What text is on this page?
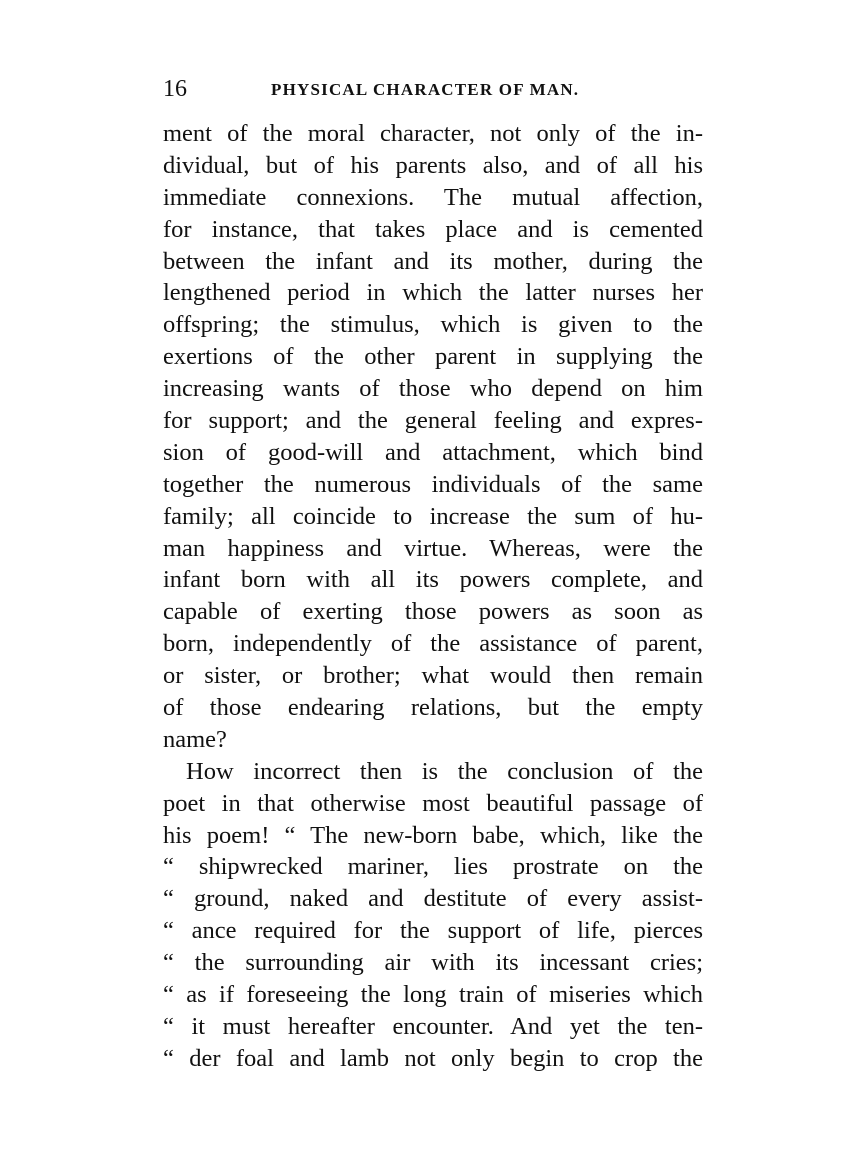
16	PHYSICAL CHARACTER OF MAN.
ment of the moral character, not only of the in-
dividual, but of his parents also, and of all his
immediate connexions. The mutual affection,
for instance, that takes place and is cemented
between the infant and its mother, during the
lengthened period in which the latter nurses her
offspring; the stimulus, which is given to the
exertions of the other parent in supplying the
increasing wants of those who depend on him
for support; and the general feeling and expres-
sion of good-will and attachment, which bind
together the numerous individuals of the same
family; all coincide to increase the sum of hu-
man happiness and virtue. Whereas, were the
infant born with all its powers complete, and
capable of exerting those powers as soon as
born, independently of the assistance of parent,
or sister, or brother; what would then remain
of those endearing relations, but the empty
name?
How incorrect then is the conclusion of the
poet in that otherwise most beautiful passage of
his poem! “ The new-born babe, which, like the
“ shipwrecked mariner, lies prostrate on the
“ ground, naked and destitute of every assist-
“ ance required for the support of life, pierces
“ the surrounding air with its incessant cries;
“ as if foreseeing the long train of miseries which
“ it must hereafter encounter. And yet the ten-
“ der foal and lamb not only begin to crop the
